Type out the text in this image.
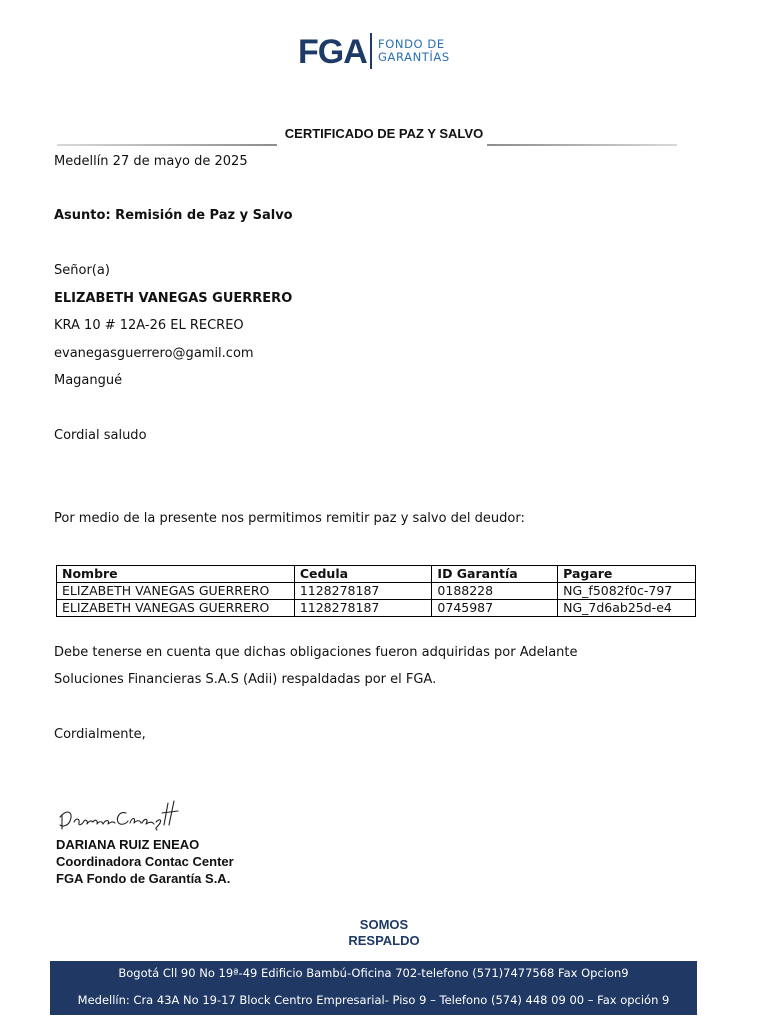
FGA FONDO DE
GARANTÍAS
CERTIFICADO DE PAZ Y SALVO
Medellín 27 de mayo de 2025
Asunto: Remisión de Paz y Salvo
Señor(a)
ELIZABETH VANEGAS GUERRERO
KRA 10 # 12A-26 EL RECREO
evanegasguerrero@gamil.com
Magangué
Cordial saludo
Por medio de la presente nos permitimos remitir paz y salvo del deudor:
Nombre	Cedula	ID Garantía	Pagare
ELIZABETH VANEGAS GUERRERO	1128278187	0188228	NG_f5082f0c-797
ELIZABETH VANEGAS GUERRERO	1128278187	0745987	NG_7d6ab25d-e4
Debe tenerse en cuenta que dichas obligaciones fueron adquiridas por Adelante
Soluciones Financieras S.A.S (Adii) respaldadas por el FGA.
Cordialmente,
DARIANA RUIZ ENEAO
Coordinadora Contac Center
FGA Fondo de Garantía S.A.
SOMOS
RESPALDO
Bogotá Cll 90 No 19ª-49 Edificio Bambú-Oficina 702-telefono (571)7477568 Fax Opcion9
Medellín: Cra 43A No 19-17 Block Centro Empresarial- Piso 9 – Telefono (574) 448 09 00 – Fax opción 9
